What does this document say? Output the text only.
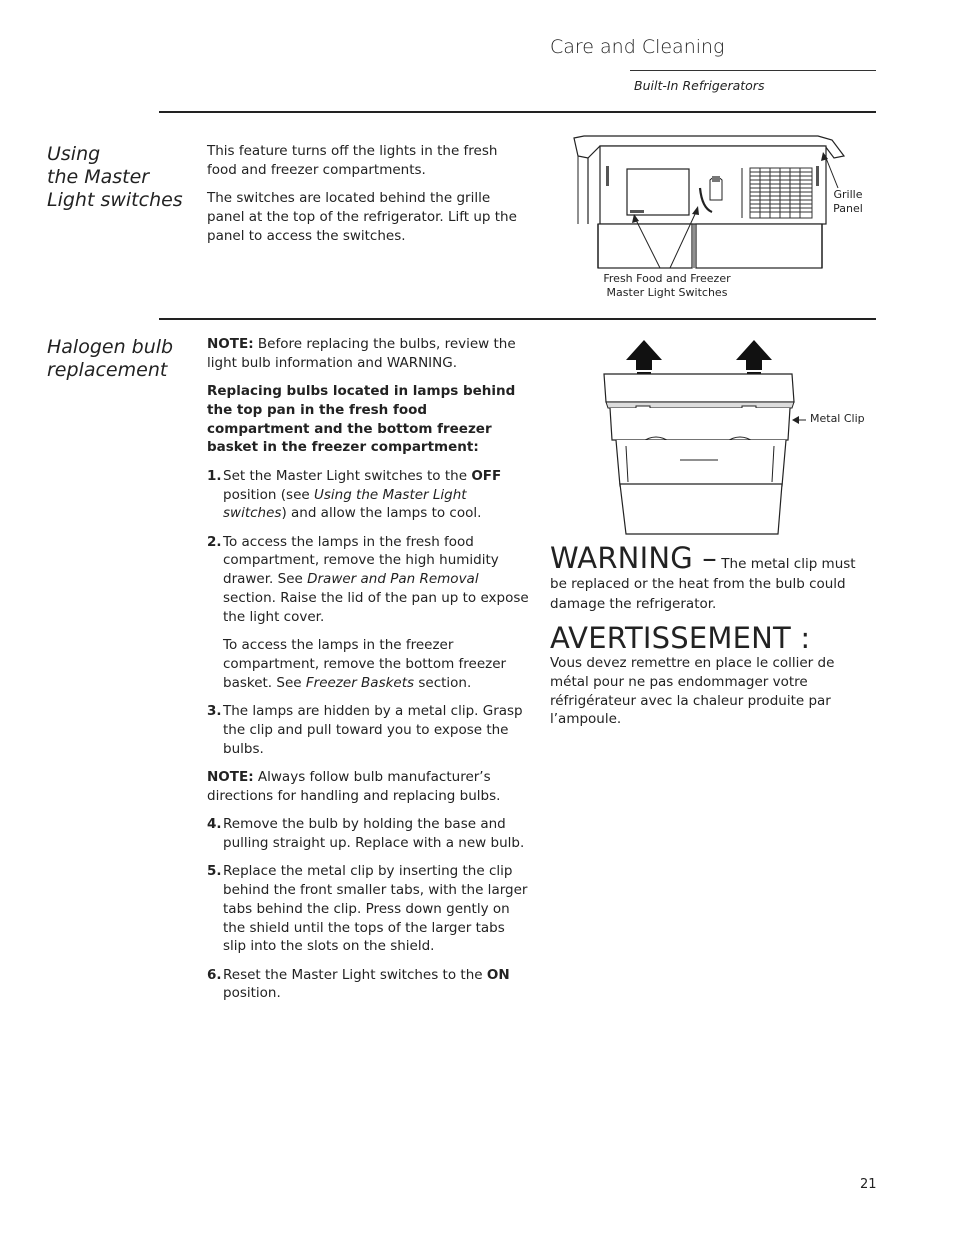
Care and Cleaning
Built-In Refrigerators
Using
the Master
Light switches

This feature turns off the lights in the fresh food and freezer compartments.

The switches are located behind the grille panel at the top of the refrigerator. Lift up the panel to access the switches.

Grille
Panel
Fresh Food and Freezer
Master Light Switches
Halogen bulb
replacement

NOTE: Before replacing the bulbs, review the light bulb information and WARNING.

Replacing bulbs located in lamps behind the top pan in the fresh food compartment and the bottom freezer basket in the freezer compartment:

1. Set the Master Light switches to the OFF position (see Using the Master Light switches) and allow the lamps to cool.
2. To access the lamps in the fresh food compartment, remove the high humidity drawer. See Drawer and Pan Removal section. Raise the lid of the pan up to expose the light cover.
To access the lamps in the freezer compartment, remove the bottom freezer basket. See Freezer Baskets section.
3. The lamps are hidden by a metal clip. Grasp the clip and pull toward you to expose the bulbs.

NOTE: Always follow bulb manufacturer’s directions for handling and replacing bulbs.

4. Remove the bulb by holding the base and pulling straight up. Replace with a new bulb.
5. Replace the metal clip by inserting the clip behind the front smaller tabs, with the larger tabs behind the clip. Press down gently on the shield until the tops of the larger tabs slip into the slots on the shield.
6. Reset the Master Light switches to the ON position.
Metal Clip
WARNING – The metal clip must be replaced or the heat from the bulb could damage the refrigerator.
AVERTISSEMENT :
Vous devez remettre en place le collier de métal pour ne pas endommager votre réfrigérateur avec la chaleur produite par l’ampoule.
21
